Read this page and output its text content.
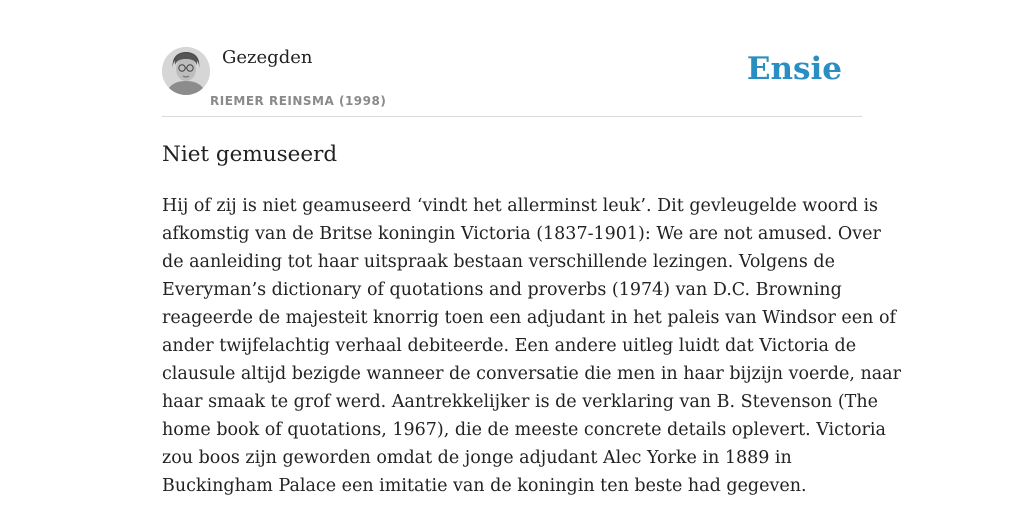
Gezegden
RIEMER REINSMA (1998)
Ensie
Niet gemuseerd
Hij of zij is niet geamuseerd ‘vindt het allerminst leuk’. Dit gevleugelde woord is
afkomstig van de Britse koningin Victoria (1837-1901): We are not amused. Over
de aanleiding tot haar uitspraak bestaan verschillende lezingen. Volgens de
Everyman’s dictionary of quotations and proverbs (1974) van D.C. Browning
reageerde de majesteit knorrig toen een adjudant in het paleis van Windsor een of
ander twijfelachtig verhaal debiteerde. Een andere uitleg luidt dat Victoria de
clausule altijd bezigde wanneer de conversatie die men in haar bijzijn voerde, naar
haar smaak te grof werd. Aantrekkelijker is de verklaring van B. Stevenson (The
home book of quotations, 1967), die de meeste concrete details oplevert. Victoria
zou boos zijn geworden omdat de jonge adjudant Alec Yorke in 1889 in
Buckingham Palace een imitatie van de koningin ten beste had gegeven.
